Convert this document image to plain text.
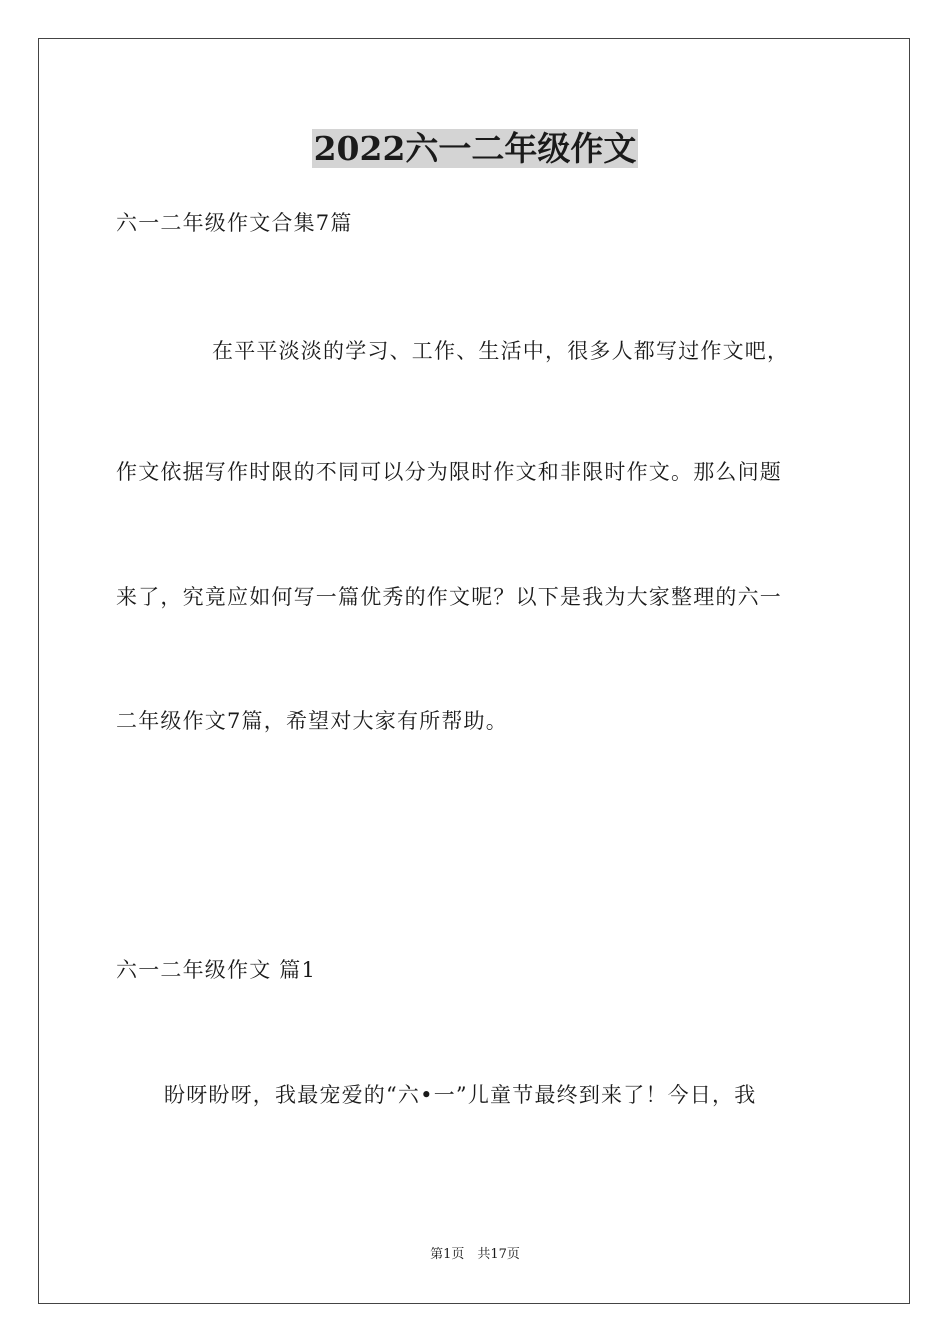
2022六一二年级作文
六一二年级作文合集7篇
在平平淡淡的学习、工作、生活中，很多人都写过作文吧，
作文依据写作时限的不同可以分为限时作文和非限时作文。那么问题
来了，究竟应如何写一篇优秀的作文呢？以下是我为大家整理的六一
二年级作文7篇，希望对大家有所帮助。
六一二年级作文 篇1
盼呀盼呀，我最宠爱的“六•一”儿童节最终到来了！今日，我
第1页　共17页
